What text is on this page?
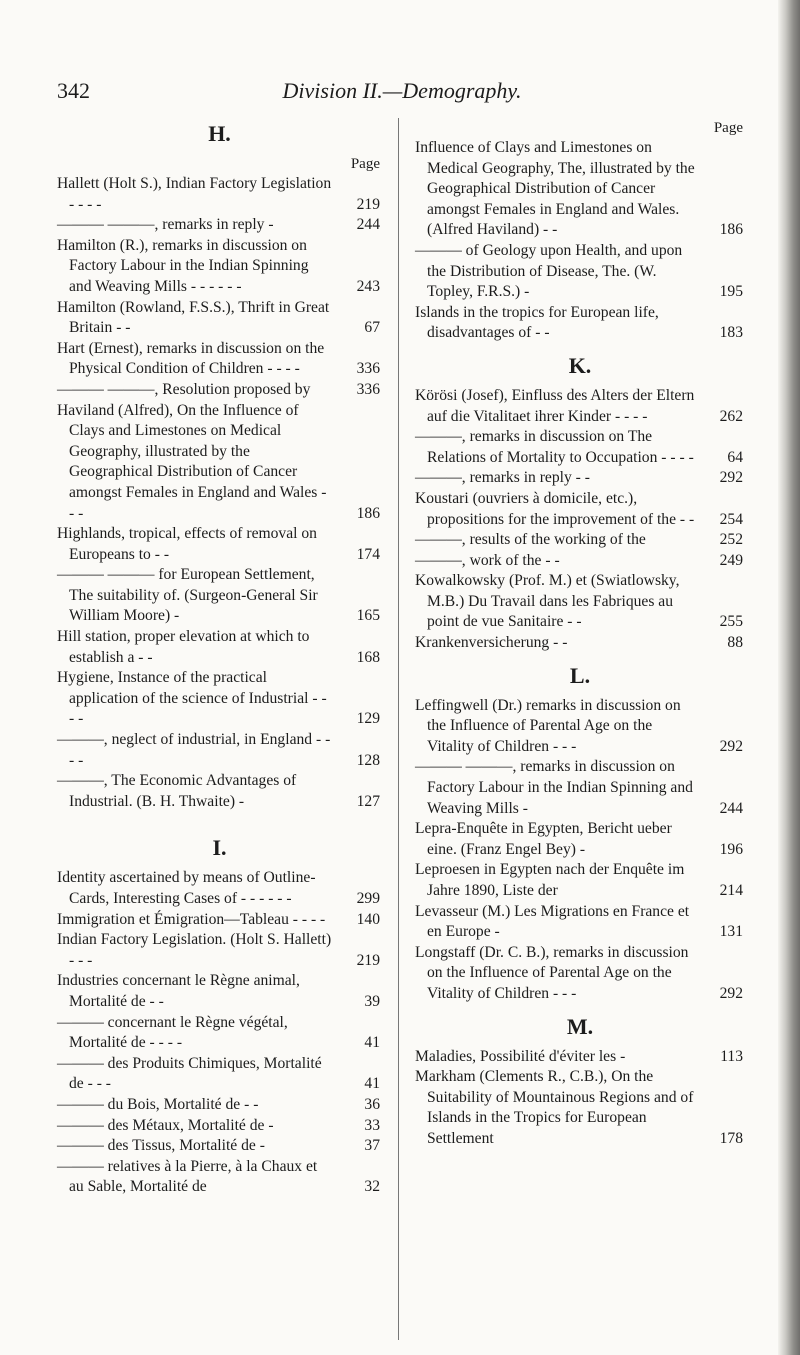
342	Division II.—Demography.
H.
Page
Hallett (Holt S.), Indian Factory Legislation - - - -	219
——— ———, remarks in reply -	244
Hamilton (R.), remarks in discussion on Factory Labour in the Indian Spinning and Weaving Mills - - - - - -	243
Hamilton (Rowland, F.S.S.), Thrift in Great Britain - -	67
Hart (Ernest), remarks in discussion on the Physical Condition of Children - - - -	336
——— ———, Resolution proposed by	336
Haviland (Alfred), On the Influence of Clays and Limestones on Medical Geography, illustrated by the Geographical Distribution of Cancer amongst Females in England and Wales - - -	186
Highlands, tropical, effects of removal on Europeans to - -	174
——— ——— for European Settlement, The suitability of. (Surgeon-General Sir William Moore) -	165
Hill station, proper elevation at which to establish a - -	168
Hygiene, Instance of the practical application of the science of Industrial - - - -	129
———, neglect of industrial, in England - - - -	128
———, The Economic Advantages of Industrial. (B. H. Thwaite) -	127
I.
Identity ascertained by means of Outline-Cards, Interesting Cases of - - - - - -	299
Immigration et Émigration—Tableau - - - - 140
Indian Factory Legislation. (Holt S. Hallett) - - -	219
Industries concernant le Règne animal, Mortalité de - -	39
——— concernant le Règne végétal, Mortalité de - - - -	41
——— des Produits Chimiques, Mortalité de - - -	41
——— du Bois, Mortalité de - -	36
——— des Métaux, Mortalité de -	33
——— des Tissus, Mortalité de -	37
——— relatives à la Pierre, à la Chaux et au Sable, Mortalité de	32
Page
Influence of Clays and Limestones on Medical Geography, The, illustrated by the Geographical Distribution of Cancer amongst Females in England and Wales. (Alfred Haviland) - -	186
——— of Geology upon Health, and upon the Distribution of Disease, The. (W. Topley, F.R.S.) -	195
Islands in the tropics for European life, disadvantages of - -	183
K.
Körösi (Josef), Einfluss des Alters der Eltern auf die Vitalitaet ihrer Kinder - - - -	262
———, remarks in discussion on The Relations of Mortality to Occupation - - - - 64
———, remarks in reply - -	292
Koustari (ouvriers à domicile, etc.), propositions for the improvement of the - - 254
———, results of the working of the	252
———, work of the - -	249
Kowalkowsky (Prof. M.) et (Swiatlowsky, M.B.) Du Travail dans les Fabriques au point de vue Sanitaire - -	255
Krankenversicherung - -	88
L.
Leffingwell (Dr.) remarks in discussion on the Influence of Parental Age on the Vitality of Children - - -	292
——— ———, remarks in discussion on Factory Labour in the Indian Spinning and Weaving Mills -	244
Lepra-Enquête in Egypten, Bericht ueber eine. (Franz Engel Bey) -	196
Leproesen in Egypten nach der Enquête im Jahre 1890, Liste der	214
Levasseur (M.) Les Migrations en France et en Europe -	131
Longstaff (Dr. C. B.), remarks in discussion on the Influence of Parental Age on the Vitality of Children - - -	292
M.
Maladies, Possibilité d'éviter les -	113
Markham (Clements R., C.B.), On the Suitability of Mountainous Regions and of Islands in the Tropics for European Settlement	178
